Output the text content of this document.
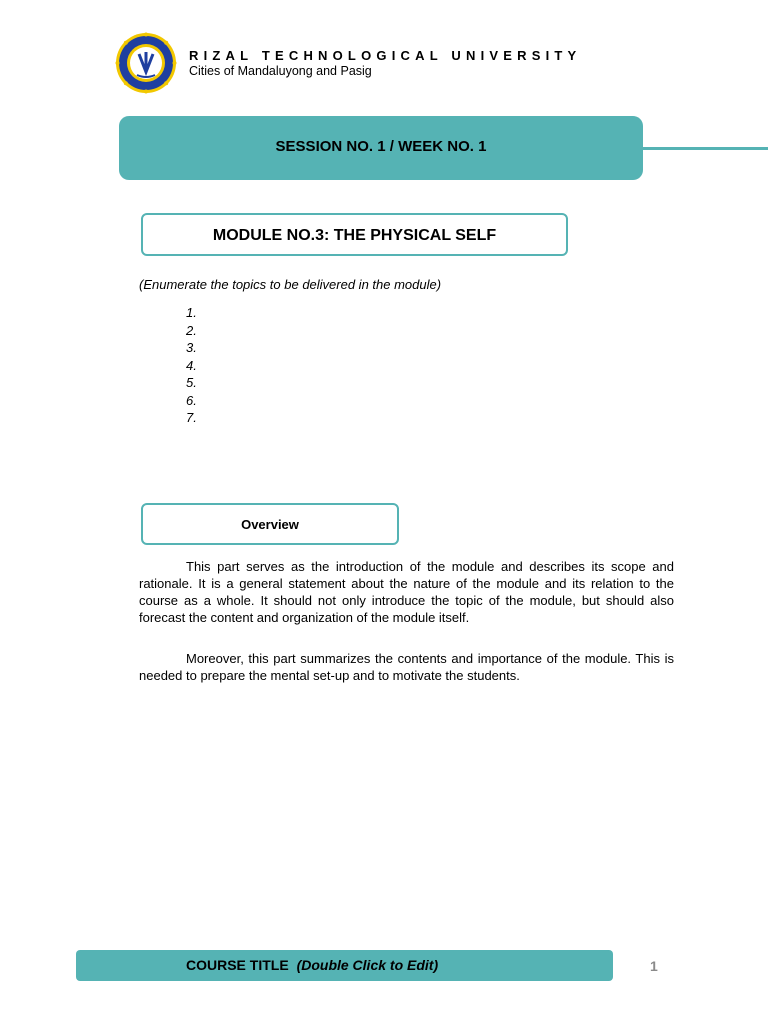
RIZAL TECHNOLOGICAL UNIVERSITY
Cities of Mandaluyong and Pasig
SESSION NO. 1 / WEEK NO. 1
MODULE NO.3: THE PHYSICAL SELF
(Enumerate the topics to be delivered in the module)
1.
2.
3.
4.
5.
6.
7.
Overview

This part serves as the introduction of the module and describes its scope and rationale. It is a general statement about the nature of the module and its relation to the course as a whole. It should not only introduce the topic of the module, but should also forecast the content and organization of the module itself.

Moreover, this part summarizes the contents and importance of the module. This is needed to prepare the mental set-up and to motivate the students.

COURSE TITLE (Double Click to Edit)	1
